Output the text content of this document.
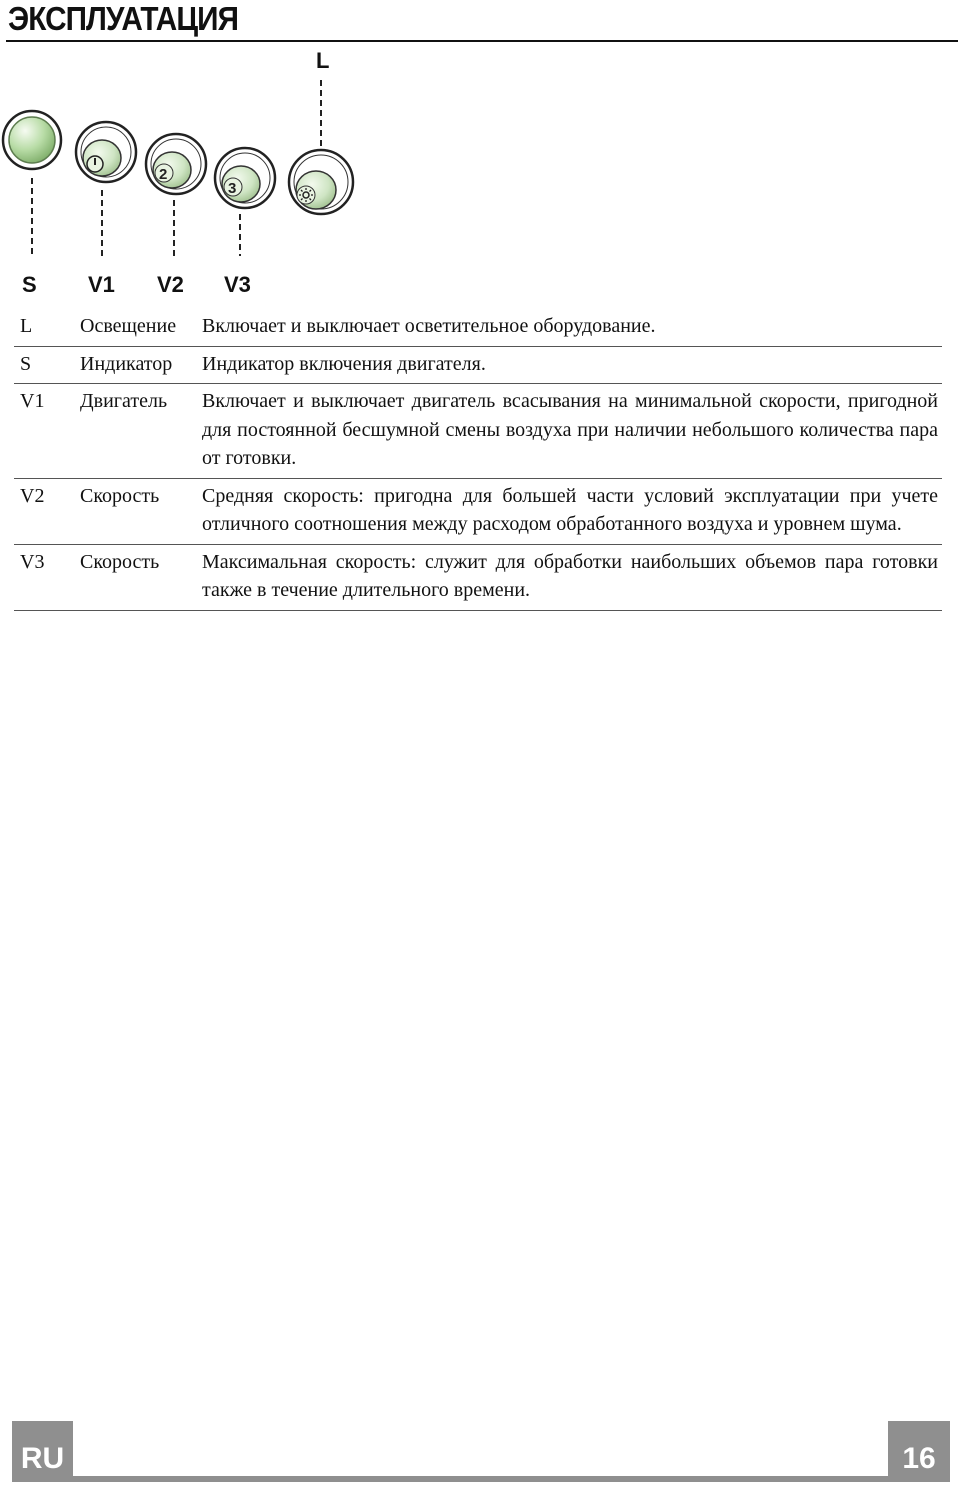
ЭКСПЛУАТАЦИЯ
L
2
3
S V1 V2 V3
L	Освещение	Включает и выключает осветительное оборудование.
S	Индикатор	Индикатор включения двигателя.
V1	Двигатель	Включает и выключает двигатель всасывания на минимальной скорости, пригодной для постоянной бесшумной смены воздуха при наличии небольшого количества пара от готовки.
V2	Скорость	Средняя скорость: пригодна для большей части условий эксплуатации при учете отличного соотношения между расходом обработанного воздуха и уровнем шума.
V3	Скорость	Максимальная скорость: служит для обработки наибольших объемов пара готовки также в течение длительного времени.
RU	16
